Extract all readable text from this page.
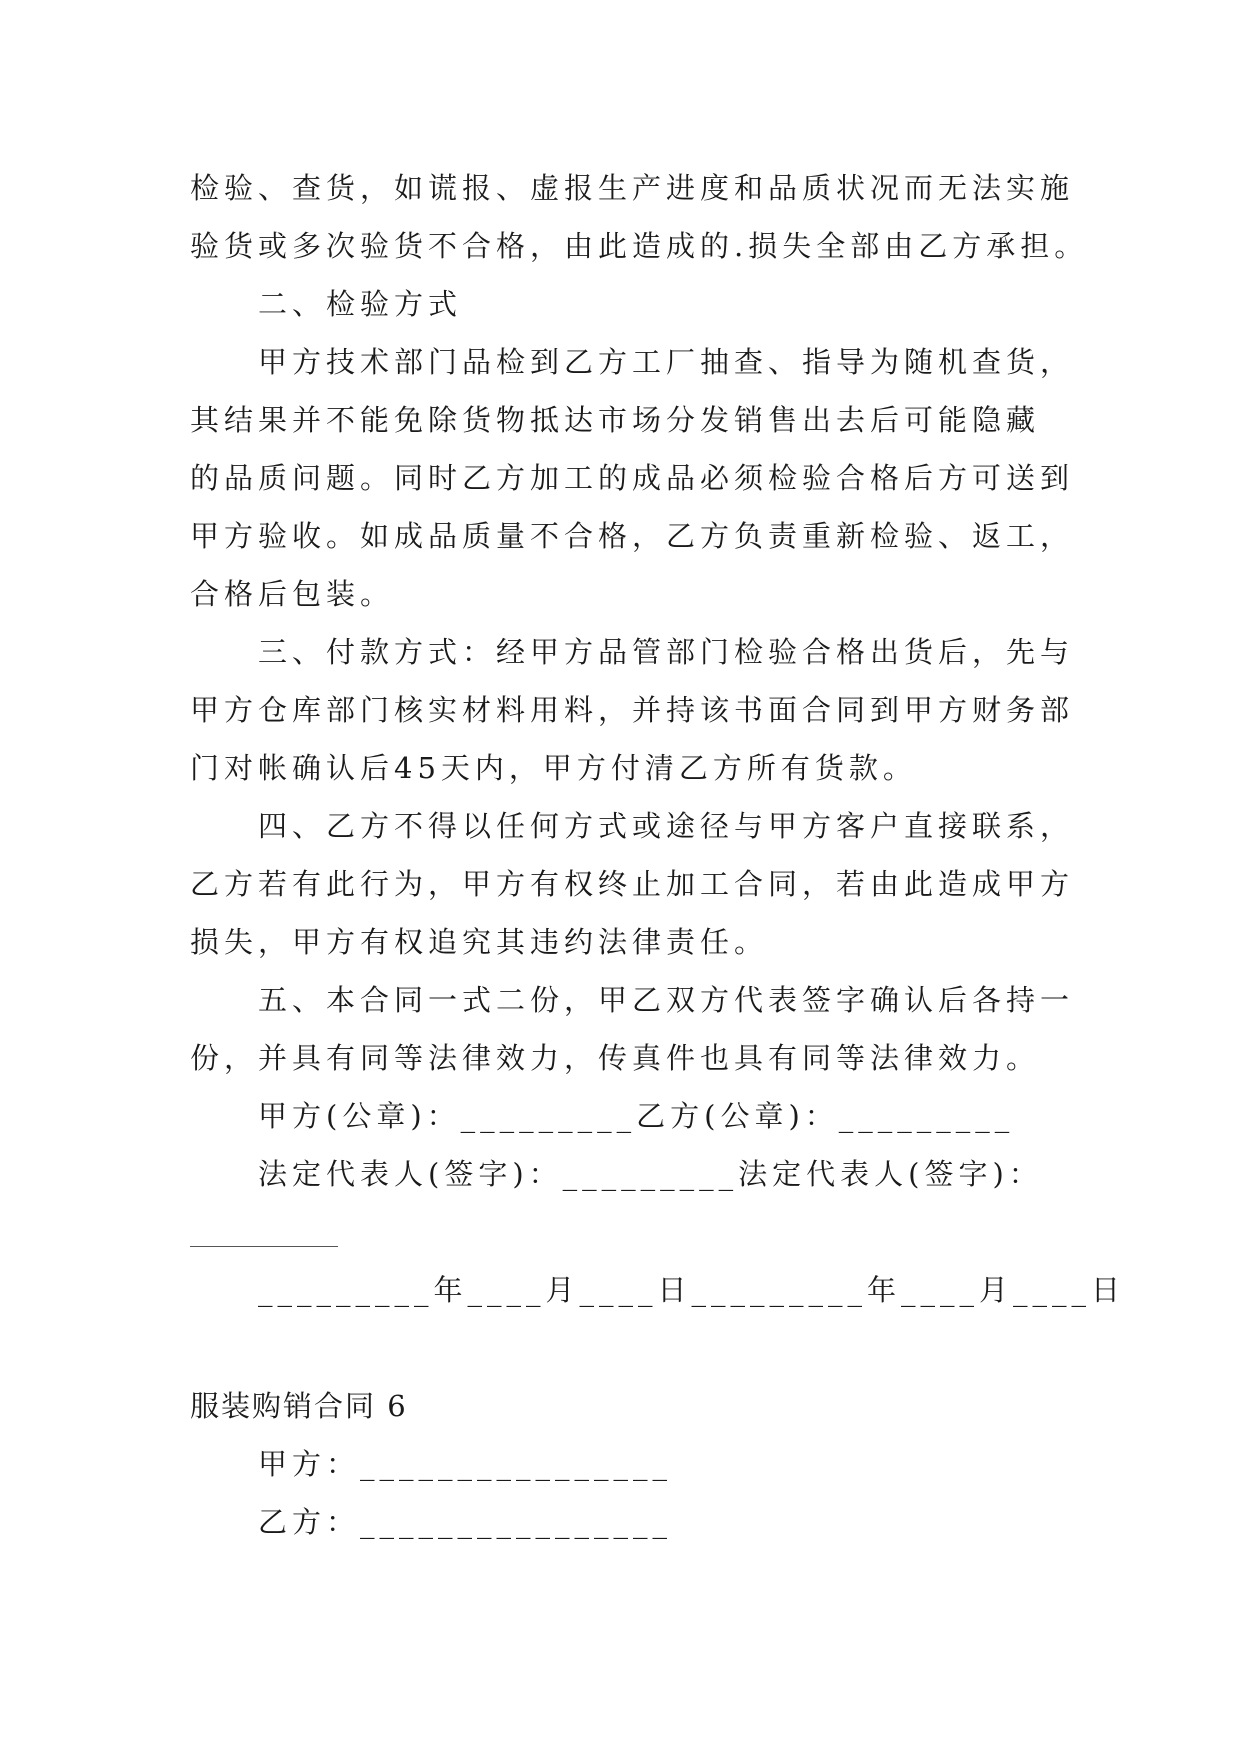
检验、查货，如谎报、虚报生产进度和品质状况而无法实施
验货或多次验货不合格，由此造成的.损失全部由乙方承担。
二、检验方式
甲方技术部门品检到乙方工厂抽查、指导为随机查货，
其结果并不能免除货物抵达市场分发销售出去后可能隐藏
的品质问题。同时乙方加工的成品必须检验合格后方可送到
甲方验收。如成品质量不合格，乙方负责重新检验、返工，
合格后包装。
三、付款方式：经甲方品管部门检验合格出货后，先与
甲方仓库部门核实材料用料，并持该书面合同到甲方财务部
门对帐确认后45天内，甲方付清乙方所有货款。
四、乙方不得以任何方式或途径与甲方客户直接联系，
乙方若有此行为，甲方有权终止加工合同，若由此造成甲方
损失，甲方有权追究其违约法律责任。
五、本合同一式二份，甲乙双方代表签字确认后各持一
份，并具有同等法律效力，传真件也具有同等法律效力。
甲方(公章)：_________乙方(公章)：_________
法定代表人(签字)：_________法定代表人(签字)：
_________年____月____日_________年____月____日
服装购销合同 6
甲方：________________
乙方：________________
